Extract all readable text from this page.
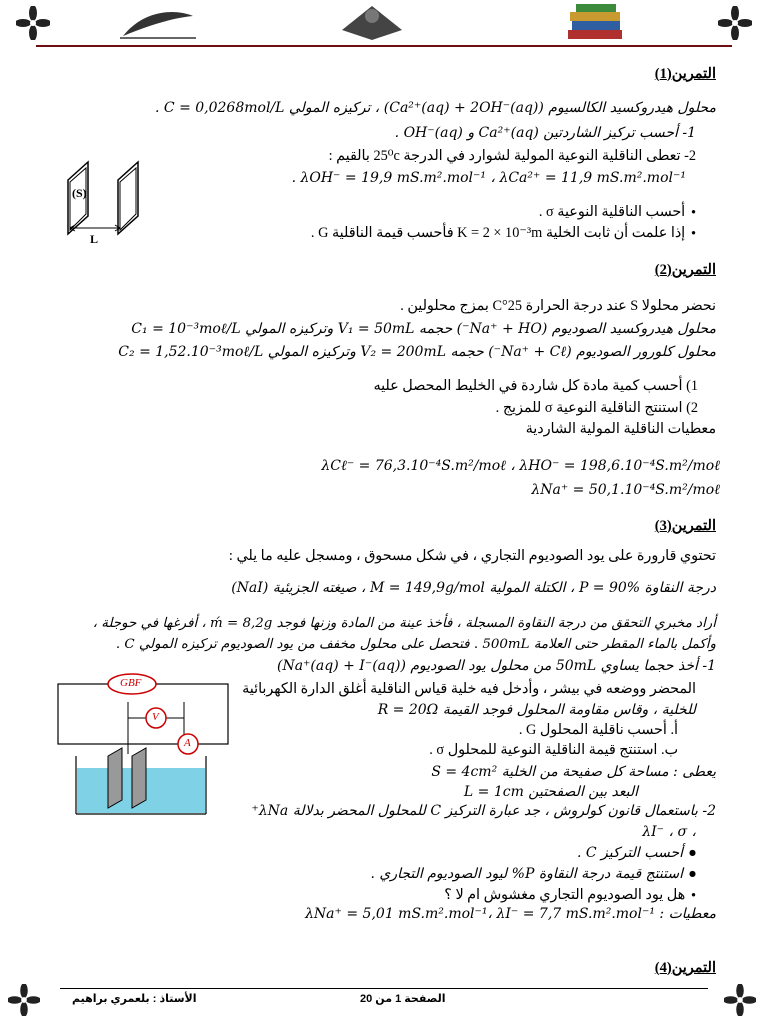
التمرين(1)
محلول هيدروكسيد الكالسيوم (Ca²⁺(aq) + 2OH⁻(aq)) ، تركيزه المولي C = 0,0268mol/L .
1- أحسب تركيز الشاردتين Ca²⁺(aq) و OH⁻(aq) .
2- تعطى الناقلية النوعية المولية لشوارد في الدرجة 25⁰c بالقيم :
λOH⁻ = 19,9 mS.m².mol⁻¹ ، λCa²⁺ = 11,9 mS.m².mol⁻¹ .
● أحسب الناقلية النوعية σ .
● إذا علمت أن ثابت الخلية K = 2 × 10⁻³m فأحسب قيمة الناقلية G .
(S)
L
التمرين(2)
نحضر محلولا S عند درجة الحرارة 25°C بمزج محلولين .
محلول هيدروكسيد الصوديوم (Na⁺ + HO⁻) حجمه V₁ = 50mL وتركيزه المولي C₁ = 10⁻³moℓ/L
محلول كلورور الصوديوم (Na⁺ + Cℓ⁻) حجمه V₂ = 200mL وتركيزه المولي C₂ = 1,52.10⁻³moℓ/L
1) أحسب كمية مادة كل شاردة في الخليط المحصل عليه
2) استنتج الناقلية النوعية σ للمزيج .
معطيات الناقلية المولية الشاردية
λCℓ⁻ = 76,3.10⁻⁴S.m²/moℓ ، λHO⁻ = 198,6.10⁻⁴S.m²/moℓ
λNa⁺ = 50,1.10⁻⁴S.m²/moℓ
التمرين(3)
تحتوي قارورة على يود الصوديوم التجاري ، في شكل مسحوق ، ومسجل عليه ما يلي :
درجة النقاوة P = 90% ، الكتلة المولية M = 149,9g/mol ، صيغته الجزيئية (NaI)
أراد مخبري التحقق من درجة النقاوة المسجلة ، فأخذ عينة من المادة وزنها فوجد ḿ = 8,2g ، أفرغها في حوجلة ،
وأكمل بالماء المقطر حتى العلامة 500mL . فتحصل على محلول مخفف من يود الصوديوم تركيزه المولي C .
1- أخذ حجما يساوي 50mL من محلول يود الصوديوم (Na⁺(aq) + I⁻(aq))
المحضر ووضعه في بيشر ، وأدخل فيه خلية قياس الناقلية أغلق الدارة الكهربائية
للخلية ، وقاس مقاومة المحلول فوجد القيمة R = 20Ω
أ. أحسب ناقلية المحلول G .
ب. استنتج قيمة الناقلية النوعية للمحلول σ .
يعطى : مساحة كل صفيحة من الخلية S = 4cm²
البعد بين الصفحتين L = 1cm
2- باستعمال قانون كولروش ، جد عبارة التركيز C للمحلول المحضر بدلالة λNa⁺
، λI⁻ ، σ
● أحسب التركيز C .
● استنتج قيمة درجة النقاوة P% ليود الصوديوم التجاري .
● هل يود الصوديوم التجاري مغشوش ام لا ؟
معطيات : λNa⁺ = 5,01 mS.m².mol⁻¹، λI⁻ = 7,7 mS.m².mol⁻¹
GBF
V
A
التمرين(4)
الصفحة 1 من 20
الأستاذ : بلعمري براهيم
